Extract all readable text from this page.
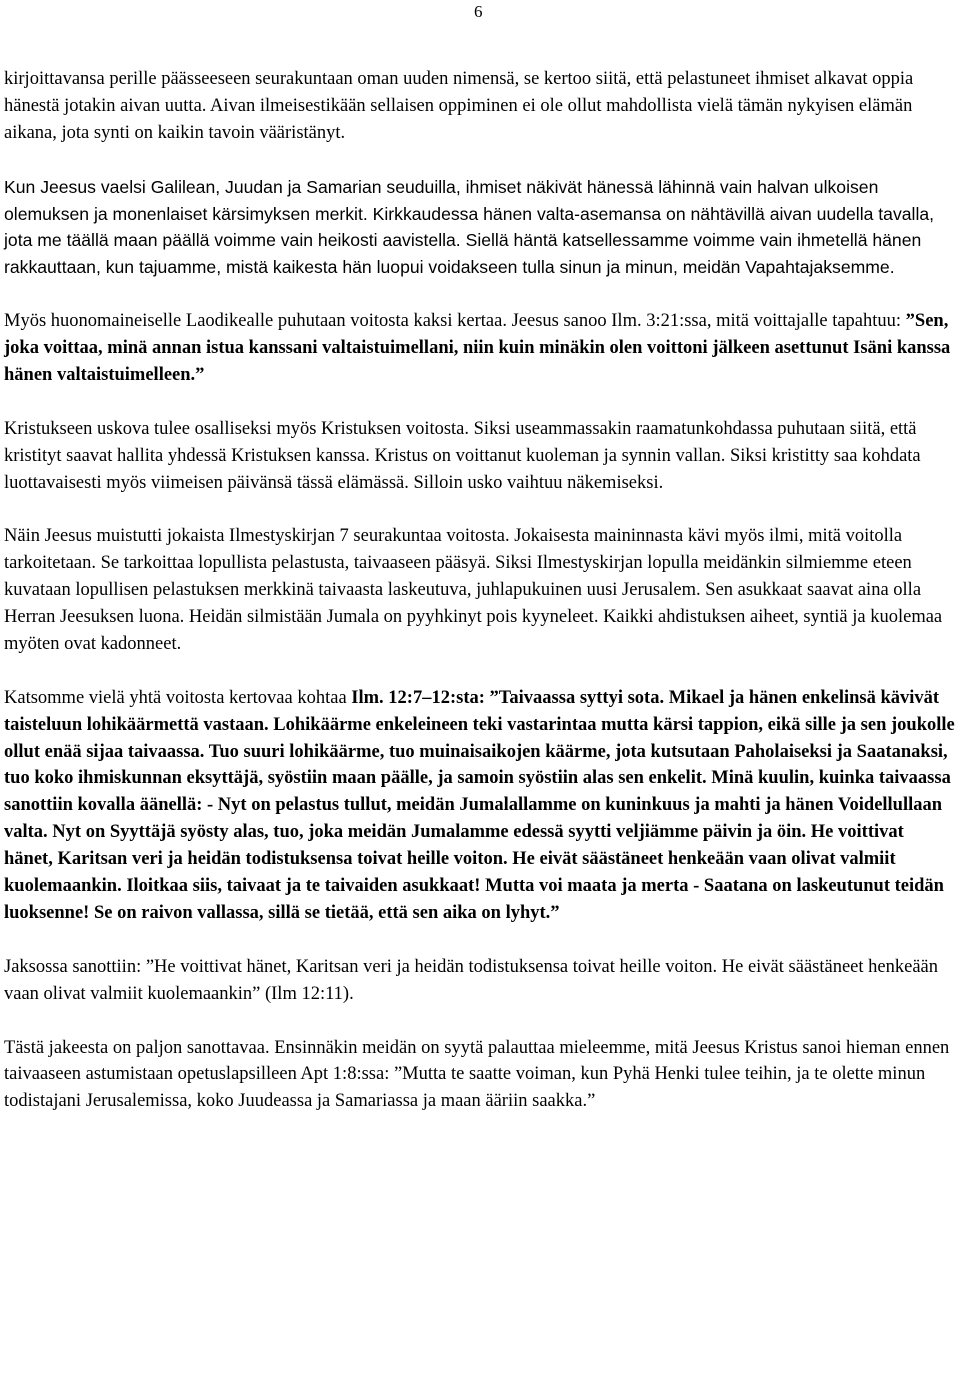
6

kirjoittavansa perille päässeeseen seurakuntaan oman uuden nimensä, se kertoo siitä, että pelastuneet ihmiset alkavat oppia hänestä jotakin aivan uutta. Aivan ilmeisestikään sellaisen oppiminen ei ole ollut mahdollista vielä tämän nykyisen elämän aikana, jota synti on kaikin tavoin vääristänyt.

Kun Jeesus vaelsi Galilean, Juudan ja Samarian seuduilla, ihmiset näkivät hänessä lähinnä vain halvan ulkoisen olemuksen ja monenlaiset kärsimyksen merkit. Kirkkaudessa hänen valta-asemansa on nähtävillä aivan uudella tavalla, jota me täällä maan päällä voimme vain heikosti aavistella. Siellä häntä katsellessamme voimme vain ihmetellä hänen rakkauttaan, kun tajuamme, mistä kaikesta hän luopui voidakseen tulla sinun ja minun, meidän Vapahtajaksemme.

Myös huonomaineiselle Laodikealle puhutaan voitosta kaksi kertaa. Jeesus sanoo Ilm. 3:21:ssa, mitä voittajalle tapahtuu: ”Sen, joka voittaa, minä annan istua kanssani valtaistuimellani, niin kuin minäkin olen voittoni jälkeen asettunut Isäni kanssa hänen valtaistuimelleen.”

Kristukseen uskova tulee osalliseksi myös Kristuksen voitosta. Siksi useammassakin raamatunkohdassa puhutaan siitä, että kristityt saavat hallita yhdessä Kristuksen kanssa. Kristus on voittanut kuoleman ja synnin vallan. Siksi kristitty saa kohdata luottavaisesti myös viimeisen päivänsä tässä elämässä. Silloin usko vaihtuu näkemiseksi.

Näin Jeesus muistutti jokaista Ilmestyskirjan 7 seurakuntaa voitosta. Jokaisesta maininnasta kävi myös ilmi, mitä voitolla tarkoitetaan. Se tarkoittaa lopullista pelastusta, taivaaseen pääsyä. Siksi Ilmestyskirjan lopulla meidänkin silmiemme eteen kuvataan lopullisen pelastuksen merkkinä taivaasta laskeutuva, juhlapukuinen uusi Jerusalem. Sen asukkaat saavat aina olla Herran Jeesuksen luona. Heidän silmistään Jumala on pyyhkinyt pois kyyneleet. Kaikki ahdistuksen aiheet, syntiä ja kuolemaa myöten ovat kadonneet.

Katsomme vielä yhtä voitosta kertovaa kohtaa Ilm. 12:7–12:sta: ”Taivaassa syttyi sota. Mikael ja hänen enkelinsä kävivät taisteluun lohikäärmettä vastaan. Lohikäärme enkeleineen teki vastarintaa mutta kärsi tappion, eikä sille ja sen joukolle ollut enää sijaa taivaassa. Tuo suuri lohikäärme, tuo muinaisaikojen käärme, jota kutsutaan Paholaiseksi ja Saatanaksi, tuo koko ihmiskunnan eksyttäjä, syöstiin maan päälle, ja samoin syöstiin alas sen enkelit. Minä kuulin, kuinka taivaassa sanottiin kovalla äänellä: - Nyt on pelastus tullut, meidän Jumalallamme on kuninkuus ja mahti ja hänen Voidellullaan valta. Nyt on Syyttäjä syösty alas, tuo, joka meidän Jumalamme edessä syytti veljiämme päivin ja öin. He voittivat hänet, Karitsan veri ja heidän todistuksensa toivat heille voiton. He eivät säästäneet henkeään vaan olivat valmiit kuolemaankin. Iloitkaa siis, taivaat ja te taivaiden asukkaat! Mutta voi maata ja merta - Saatana on laskeutunut teidän luoksenne! Se on raivon vallassa, sillä se tietää, että sen aika on lyhyt.”

Jaksossa sanottiin: ”He voittivat hänet, Karitsan veri ja heidän todistuksensa toivat heille voiton. He eivät säästäneet henkeään vaan olivat valmiit kuolemaankin” (Ilm 12:11).

Tästä jakeesta on paljon sanottavaa. Ensinnäkin meidän on syytä palauttaa mieleemme, mitä Jeesus Kristus sanoi hieman ennen taivaaseen astumistaan opetuslapsilleen Apt 1:8:ssa: ”Mutta te saatte voiman, kun Pyhä Henki tulee teihin, ja te olette minun todistajani Jerusalemissa, koko Juudeassa ja Samariassa ja maan ääriin saakka.”
